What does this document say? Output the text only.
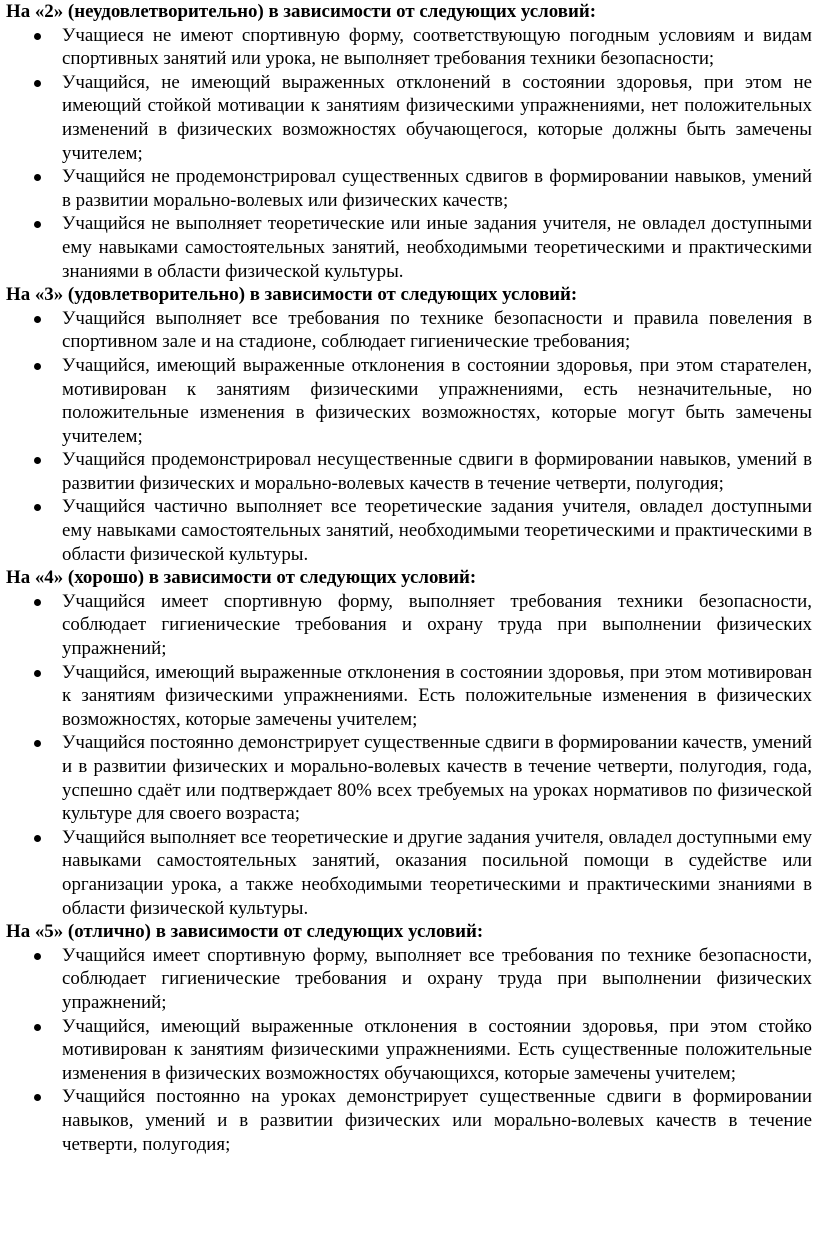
На «2» (неудовлетворительно) в зависимости от следующих условий:

Учащиеся не имеют спортивную форму, соответствующую погодным условиям и видам спортивных занятий или урока, не выполняет требования техники безопасности;
Учащийся, не имеющий выраженных отклонений в состоянии здоровья, при этом не имеющий стойкой мотивации к занятиям физическими упражнениями, нет положительных изменений в физических возможностях обучающегося, которые должны быть замечены учителем;
Учащийся не продемонстрировал существенных сдвигов в формировании навыков, умений в развитии морально-волевых или физических качеств;
Учащийся не выполняет теоретические или иные задания учителя, не овладел доступными ему навыками самостоятельных занятий, необходимыми теоретическими и практическими знаниями в области физической культуры.

На «3» (удовлетворительно) в зависимости от следующих условий:

Учащийся выполняет все требования по технике безопасности и правила повеления в спортивном зале и на стадионе, соблюдает гигиенические требования;
Учащийся, имеющий выраженные отклонения в состоянии здоровья, при этом старателен, мотивирован к занятиям физическими упражнениями, есть незначительные, но положительные изменения в физических возможностях, которые могут быть замечены учителем;
Учащийся продемонстрировал несущественные сдвиги в формировании навыков, умений в развитии физических и морально-волевых качеств в течение четверти, полугодия;
Учащийся частично выполняет все теоретические задания учителя, овладел доступными ему навыками самостоятельных занятий, необходимыми теоретическими и практическими в области физической культуры.

На «4» (хорошо) в зависимости от следующих условий:

Учащийся имеет спортивную форму, выполняет требования техники безопасности, соблюдает гигиенические требования и охрану труда при выполнении физических упражнений;
Учащийся, имеющий выраженные отклонения в состоянии здоровья, при этом мотивирован к занятиям физическими упражнениями. Есть положительные изменения в физических возможностях, которые замечены учителем;
Учащийся постоянно демонстрирует существенные сдвиги в формировании качеств, умений и в развитии физических и морально-волевых качеств в течение четверти, полугодия, года, успешно сдаёт или подтверждает 80% всех требуемых на уроках нормативов по физической культуре для своего возраста;
Учащийся выполняет все теоретические и другие задания учителя, овладел доступными ему навыками самостоятельных занятий, оказания посильной помощи в судействе или организации урока, а также необходимыми теоретическими и практическими знаниями в области физической культуры.

На «5» (отлично) в зависимости от следующих условий:

Учащийся имеет спортивную форму, выполняет все требования по технике безопасности, соблюдает гигиенические требования и охрану труда при выполнении физических упражнений;
Учащийся, имеющий выраженные отклонения в состоянии здоровья, при этом стойко мотивирован к занятиям физическими упражнениями. Есть существенные положительные изменения в физических возможностях обучающихся, которые замечены учителем;
Учащийся постоянно на уроках демонстрирует существенные сдвиги в формировании навыков, умений и в развитии физических или морально-волевых качеств в течение четверти, полугодия;
